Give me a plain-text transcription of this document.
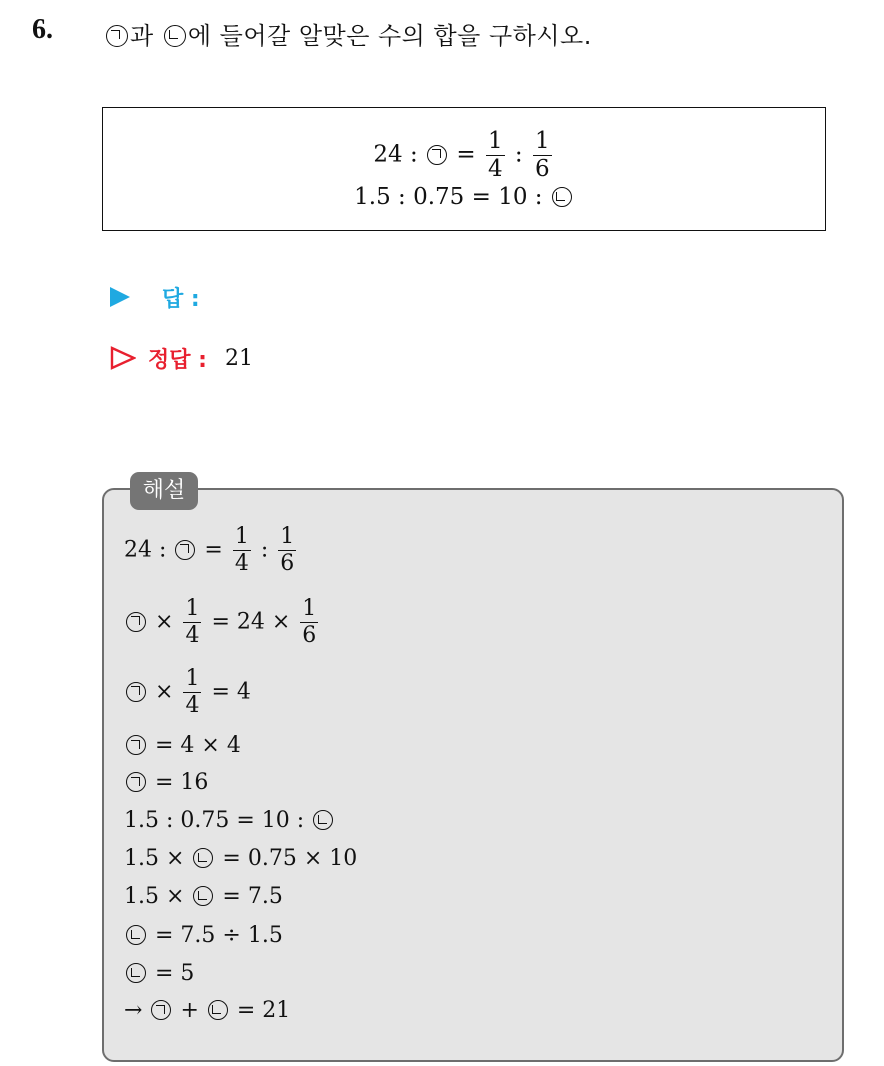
6.	과 에 들어갈 알맞은 수의 합을 구하시오.
24 : = $\frac{1}{4}$ : $\frac{1}{6}$
1.5 : 0.75 = 10 :
답 :
정답 : 21
해설
24 : = $\frac{1}{4}$ : $\frac{1}{6}$
× $\frac{1}{4} = 24 \times \frac{1}{6}$
× $\frac{1}{4} = 4$
= 4 × 4
= 16
1.5 : 0.75 = 10 :
1.5 × = 0.75 × 10
1.5 × = 7.5
= 7.5 ÷ 1.5
= 5
→ + = 21
